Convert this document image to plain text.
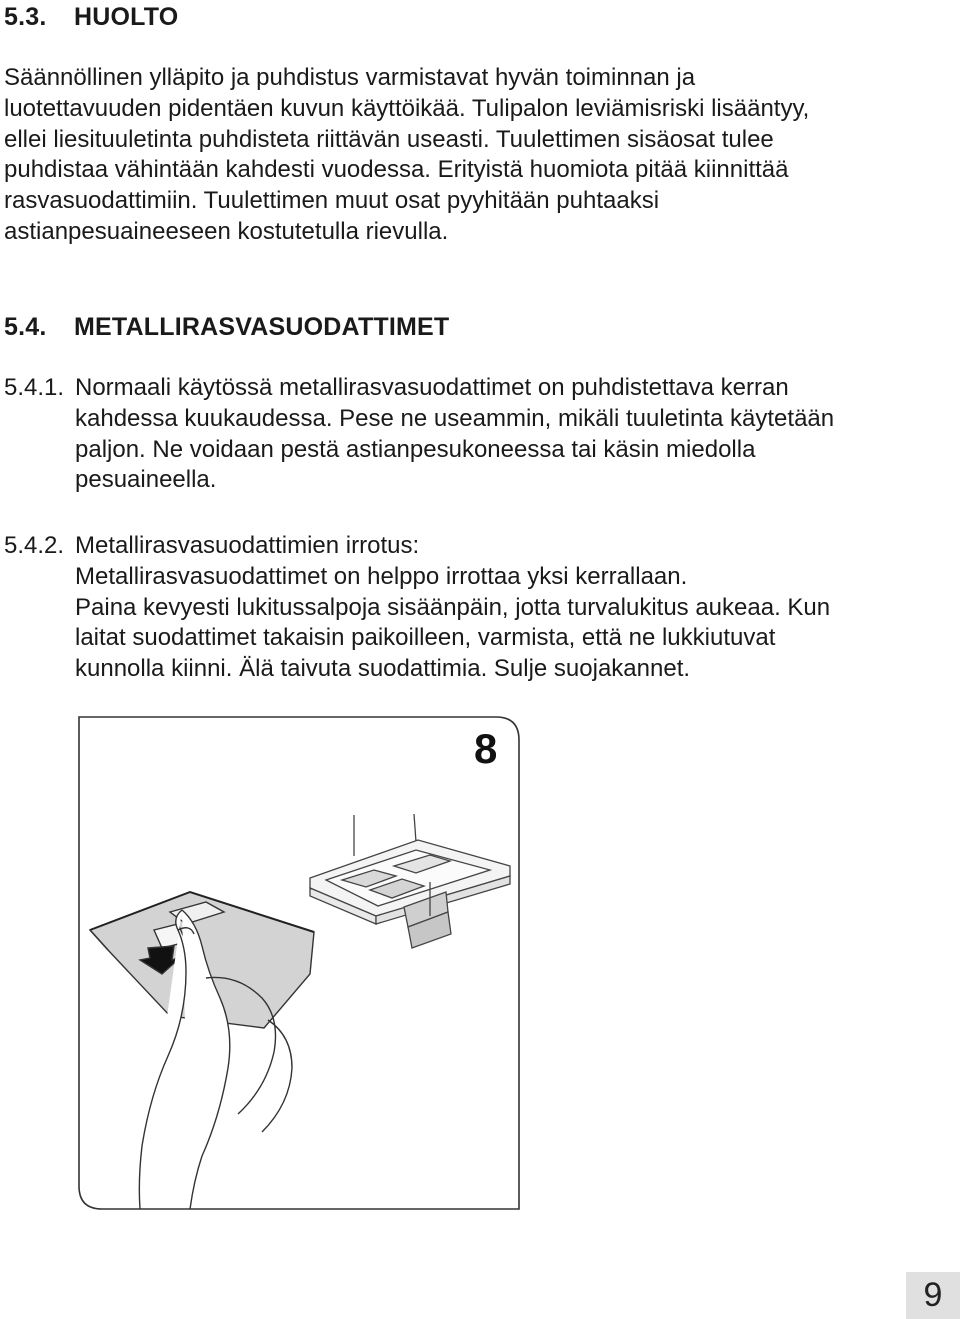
5.3. HUOLTO
Säännöllinen ylläpito ja puhdistus varmistavat hyvän toiminnan ja
luotettavuuden pidentäen kuvun käyttöikää. Tulipalon leviämisriski lisääntyy,
ellei liesituuletinta puhdisteta riittävän useasti. Tuulettimen sisäosat tulee
puhdistaa vähintään kahdesti vuodessa. Erityistä huomiota pitää kiinnittää
rasvasuodattimiin. Tuulettimen muut osat pyyhitään puhtaaksi
astianpesuaineeseen kostutetulla rievulla.
5.4. METALLIRASVASUODATTIMET
5.4.1. Normaali käytössä metallirasvasuodattimet on puhdistettava kerran
kahdessa kuukaudessa. Pese ne useammin, mikäli tuuletinta käytetään
paljon. Ne voidaan pestä astianpesukoneessa tai käsin miedolla
pesuaineella.
5.4.2. Metallirasvasuodattimien irrotus:
Metallirasvasuodattimet on helppo irrottaa yksi kerrallaan.
Paina kevyesti lukitussalpoja sisäänpäin, jotta turvalukitus aukeaa. Kun
laitat suodattimet takaisin paikoilleen, varmista, että ne lukkiutuvat
kunnolla kiinni. Älä taivuta suodattimia. Sulje suojakannet.
8
9
